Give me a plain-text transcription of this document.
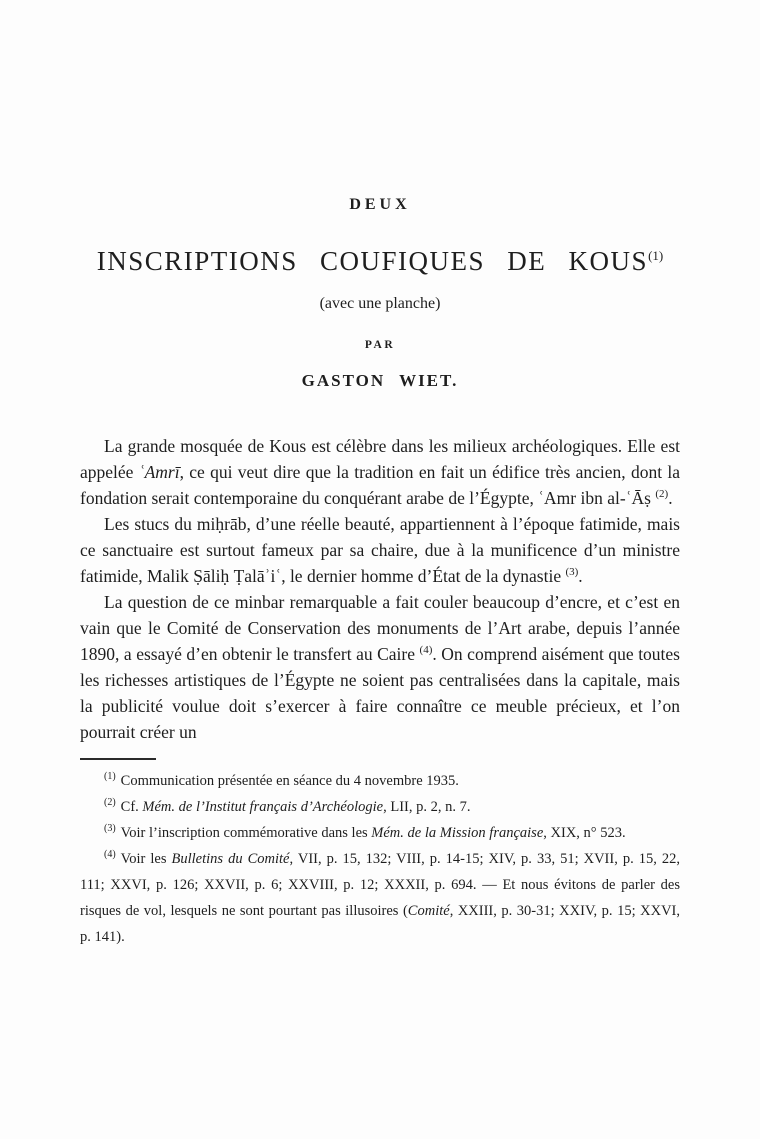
DEUX

INSCRIPTIONS COUFIQUES DE KOUS$^{(1)}$

(avec une planche)

PAR

GASTON WIET.

La grande mosquée de Kous est célèbre dans les milieux archéologiques. Elle est appelée ʿAmrī, ce qui veut dire que la tradition en fait un édifice très ancien, dont la fondation serait contemporaine du conquérant arabe de l’Égypte, ʿAmr ibn al-ʿĀṣ $^{(2)}$.

Les stucs du miḥrāb, d’une réelle beauté, appartiennent à l’époque fatimide, mais ce sanctuaire est surtout fameux par sa chaire, due à la munificence d’un ministre fatimide, Malik Ṣāliḥ Ṭalāʾiʿ, le dernier homme d’État de la dynastie $^{(3)}$.

La question de ce minbar remarquable a fait couler beaucoup d’encre, et c’est en vain que le Comité de Conservation des monuments de l’Art arabe, depuis l’année 1890, a essayé d’en obtenir le transfert au Caire $^{(4)}$. On comprend aisément que toutes les richesses artistiques de l’Égypte ne soient pas centralisées dans la capitale, mais la publicité voulue doit s’exercer à faire connaître ce meuble précieux, et l’on pourrait créer un

$^{(1)}$ Communication présentée en séance du 4 novembre 1935.

$^{(2)}$ Cf. Mém. de l’Institut français d’Archéologie, LII, p. 2, n. 7.

$^{(3)}$ Voir l’inscription commémorative dans les Mém. de la Mission française, XIX, n° 523.

$^{(4)}$ Voir les Bulletins du Comité, VII, p. 15, 132; VIII, p. 14-15; XIV, p. 33, 51; XVII, p. 15, 22, 111; XXVI, p. 126; XXVII, p. 6; XXVIII, p. 12; XXXII, p. 694. — Et nous évitons de parler des risques de vol, lesquels ne sont pourtant pas illusoires (Comité, XXIII, p. 30-31; XXIV, p. 15; XXVI, p. 141).
